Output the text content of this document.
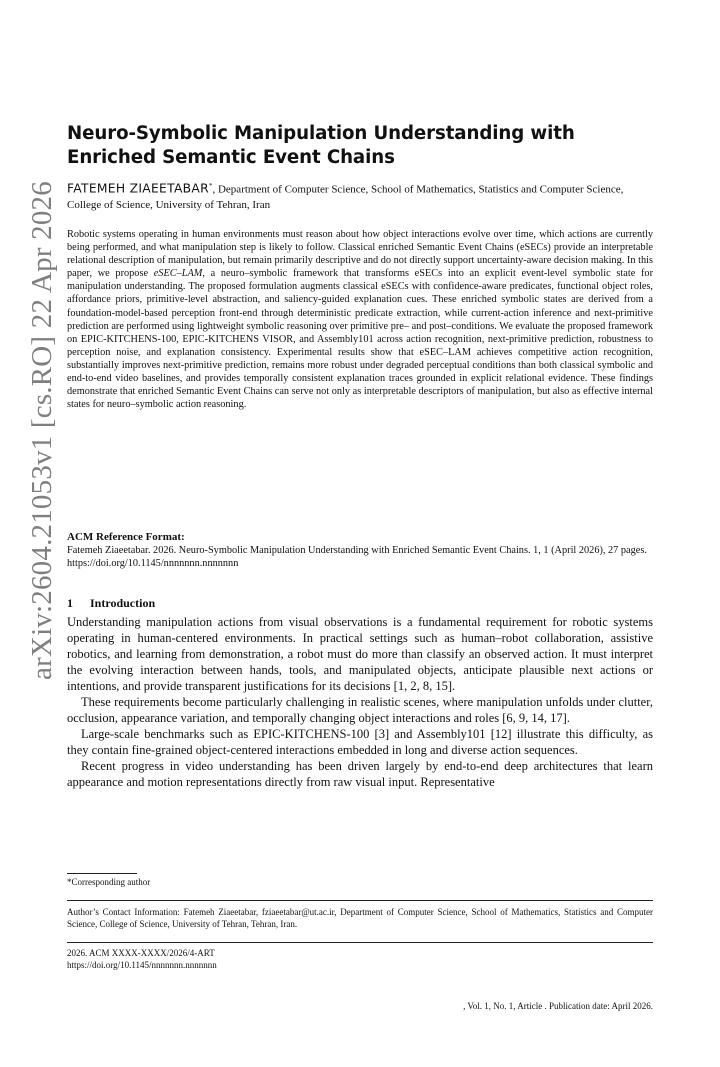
arXiv:2604.21053v1 [cs.RO] 22 Apr 2026
Neuro-Symbolic Manipulation Understanding with Enriched Semantic Event Chains
FATEMEH ZIAEETABAR*, Department of Computer Science, School of Mathematics, Statistics and Computer Science, College of Science, University of Tehran, Iran
Robotic systems operating in human environments must reason about how object interactions evolve over time, which actions are currently being performed, and what manipulation step is likely to follow. Classical enriched Semantic Event Chains (eSECs) provide an interpretable relational description of manipulation, but remain primarily descriptive and do not directly support uncertainty-aware decision making. In this paper, we propose eSEC–LAM, a neuro–symbolic framework that transforms eSECs into an explicit event-level symbolic state for manipulation understanding. The proposed formulation augments classical eSECs with confidence-aware predicates, functional object roles, affordance priors, primitive-level abstraction, and saliency-guided explanation cues. These enriched symbolic states are derived from a foundation-model-based perception front-end through deterministic predicate extraction, while current-action inference and next-primitive prediction are performed using lightweight symbolic reasoning over primitive pre– and post–conditions. We evaluate the proposed framework on EPIC-KITCHENS-100, EPIC-KITCHENS VISOR, and Assembly101 across action recognition, next-primitive prediction, robustness to perception noise, and explanation consistency. Experimental results show that eSEC–LAM achieves competitive action recognition, substantially improves next-primitive prediction, remains more robust under degraded perceptual conditions than both classical symbolic and end-to-end video baselines, and provides temporally consistent explanation traces grounded in explicit relational evidence. These findings demonstrate that enriched Semantic Event Chains can serve not only as interpretable descriptors of manipulation, but also as effective internal states for neuro–symbolic action reasoning.
ACM Reference Format:
Fatemeh Ziaeetabar. 2026. Neuro-Symbolic Manipulation Understanding with Enriched Semantic Event Chains. 1, 1 (April 2026), 27 pages. https://doi.org/10.1145/nnnnnnn.nnnnnnn
1 Introduction

Understanding manipulation actions from visual observations is a fundamental requirement for robotic systems operating in human-centered environments. In practical settings such as human–robot collaboration, assistive robotics, and learning from demonstration, a robot must do more than classify an observed action. It must interpret the evolving interaction between hands, tools, and manipulated objects, anticipate plausible next actions or intentions, and provide transparent justifications for its decisions [1, 2, 8, 15].

These requirements become particularly challenging in realistic scenes, where manipulation unfolds under clutter, occlusion, appearance variation, and temporally changing object interactions and roles [6, 9, 14, 17].

Large-scale benchmarks such as EPIC-KITCHENS-100 [3] and Assembly101 [12] illustrate this difficulty, as they contain fine-grained object-centered interactions embedded in long and diverse action sequences.

Recent progress in video understanding has been driven largely by end-to-end deep architectures that learn appearance and motion representations directly from raw visual input. Representative

*Corresponding author
Author’s Contact Information: Fatemeh Ziaeetabar, fziaeetabar@ut.ac.ir, Department of Computer Science, School of Mathematics, Statistics and Computer Science, College of Science, University of Tehran, Tehran, Iran.
2026. ACM XXXX-XXXX/2026/4-ART
https://doi.org/10.1145/nnnnnnn.nnnnnnn
, Vol. 1, No. 1, Article . Publication date: April 2026.
